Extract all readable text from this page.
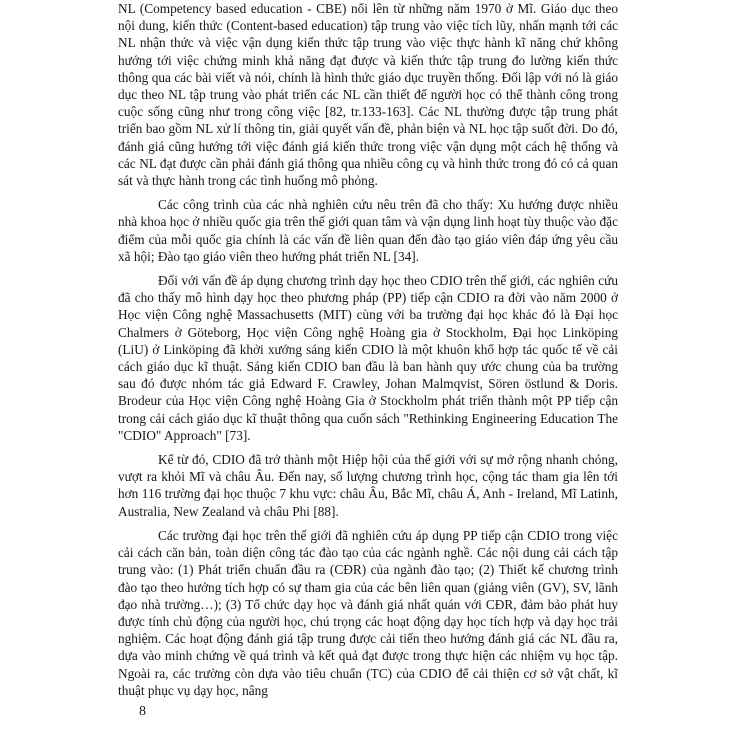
NL (Competency based education - CBE) nổi lên từ những năm 1970 ở Mĩ. Giáo dục theo nội dung, kiến thức (Content-based education) tập trung vào việc tích lũy, nhấn mạnh tới các NL nhận thức và việc vận dụng kiến thức tập trung vào việc thực hành kĩ năng chứ không hướng tới việc chứng minh khả năng đạt được và kiến thức tập trung đo lường kiến thức thông qua các bài viết và nói, chính là hình thức giáo dục truyền thống. Đối lập với nó là giáo dục theo NL tập trung vào phát triển các NL cần thiết để người học có thể thành công trong cuộc sống cũng như trong công việc [82, tr.133-163]. Các NL thường được tập trung phát triển bao gồm NL xử lí thông tin, giải quyết vấn đề, phản biện và NL học tập suốt đời. Do đó, đánh giá cũng hướng tới việc đánh giá kiến thức trong việc vận dụng một cách hệ thống và các NL đạt được cần phải đánh giá thông qua nhiều công cụ và hình thức trong đó có cả quan sát và thực hành trong các tình huống mô phỏng.

Các công trình của các nhà nghiên cứu nêu trên đã cho thấy: Xu hướng được nhiều nhà khoa học ở nhiều quốc gia trên thế giới quan tâm và vận dụng linh hoạt tùy thuộc vào đặc điểm của mỗi quốc gia chính là các vấn đề liên quan đến đào tạo giáo viên đáp ứng yêu cầu xã hội; Đào tạo giáo viên theo hướng phát triển NL [34].

Đối với vấn đề áp dụng chương trình dạy học theo CDIO trên thế giới, các nghiên cứu đã cho thấy mô hình dạy học theo phương pháp (PP) tiếp cận CDIO ra đời vào năm 2000 ở Học viện Công nghệ Massachusetts (MIT) cùng với ba trường đại học khác đó là Đại học Chalmers ở Göteborg, Học viện Công nghệ Hoàng gia ở Stockholm, Đại học Linköping (LiU) ở Linköping đã khởi xướng sáng kiến CDIO là một khuôn khổ hợp tác quốc tế về cải cách giáo dục kĩ thuật. Sáng kiến CDIO ban đầu là ban hành quy ước chung của ba trường sau đó được nhóm tác giả Edward F. Crawley, Johan Malmqvist, Sören östlund & Doris. Brodeur của Học viện Công nghệ Hoàng Gia ở Stockholm phát triển thành một PP tiếp cận trong cải cách giáo dục kĩ thuật thông qua cuốn sách "Rethinking Engineering Education The "CDIO" Approach" [73].

Kể từ đó, CDIO đã trở thành một Hiệp hội của thế giới với sự mở rộng nhanh chóng, vượt ra khỏi Mĩ và châu Âu. Đến nay, số lượng chương trình học, cộng tác tham gia lên tới hơn 116 trường đại học thuộc 7 khu vực: châu Âu, Bắc Mĩ, châu Á, Anh - Ireland, Mĩ Latinh, Australia, New Zealand và châu Phi [88].

Các trường đại học trên thế giới đã nghiên cứu áp dụng PP tiếp cận CDIO trong việc cải cách căn bản, toàn diện công tác đào tạo của các ngành nghề. Các nội dung cải cách tập trung vào: (1) Phát triển chuẩn đầu ra (CĐR) của ngành đào tạo; (2) Thiết kế chương trình đào tạo theo hướng tích hợp có sự tham gia của các bên liên quan (giảng viên (GV), SV, lãnh đạo nhà trường…); (3) Tổ chức dạy học và đánh giá nhất quán với CĐR, đảm bảo phát huy được tính chủ động của người học, chú trọng các hoạt động dạy học tích hợp và dạy học trải nghiệm. Các hoạt động đánh giá tập trung được cải tiến theo hướng đánh giá các NL đầu ra, dựa vào minh chứng về quá trình và kết quả đạt được trong thực hiện các nhiệm vụ học tập. Ngoài ra, các trường còn dựa vào tiêu chuẩn (TC) của CDIO để cải thiện cơ sở vật chất, kĩ thuật phục vụ dạy học, nâng

8
